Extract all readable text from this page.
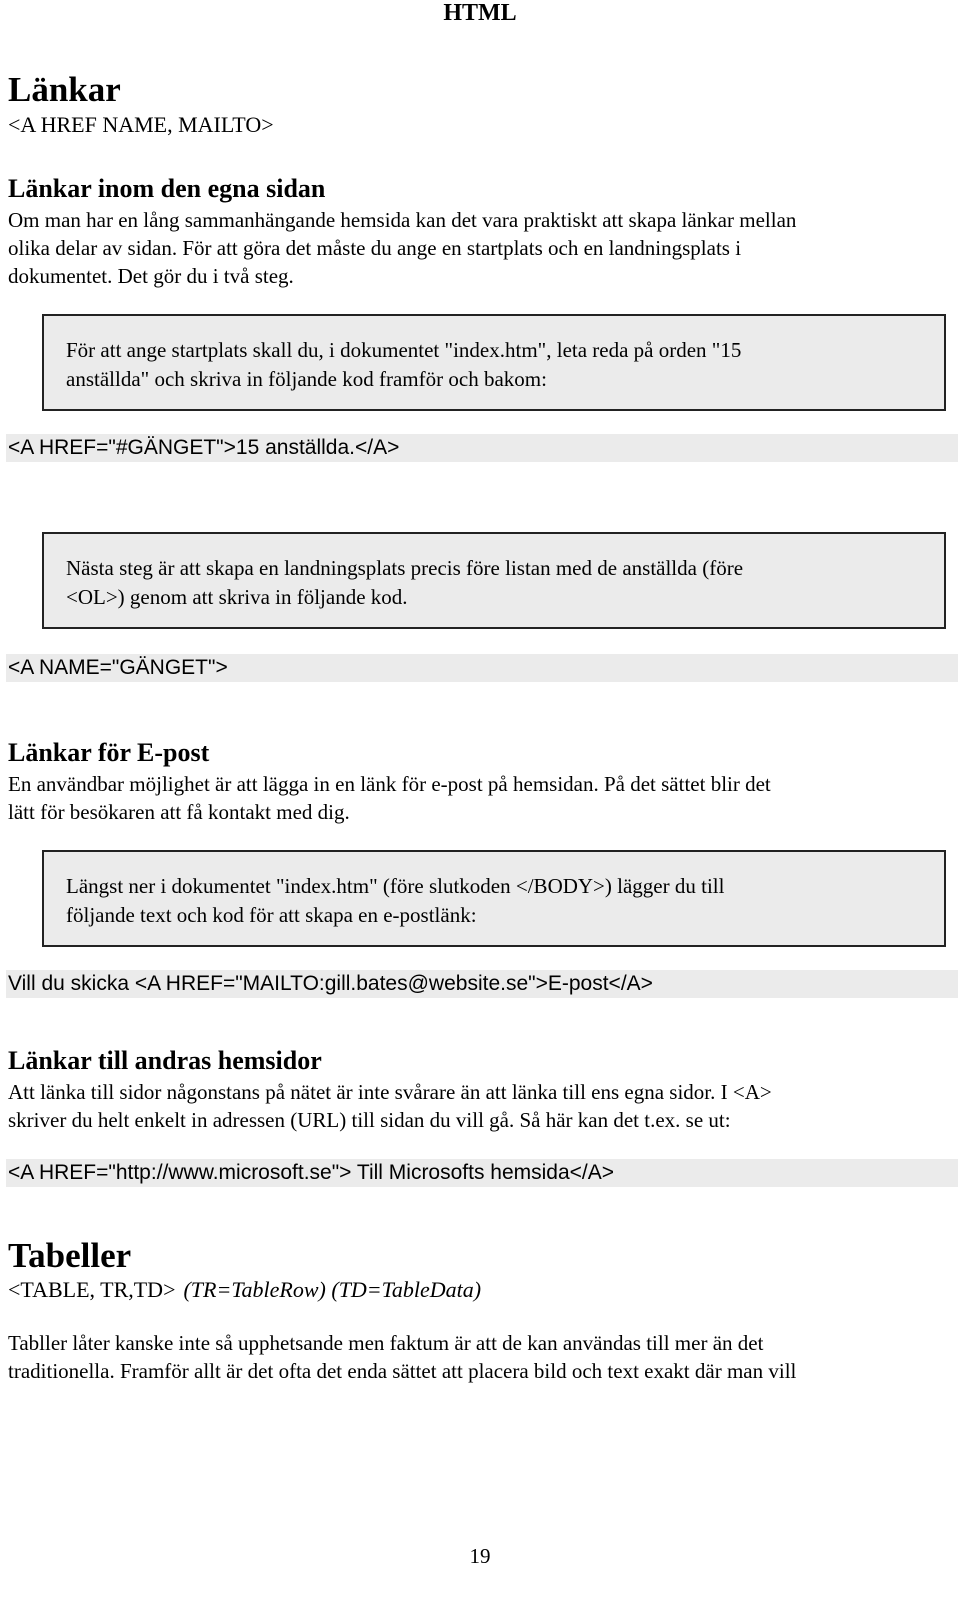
HTML
Länkar
<A HREF NAME, MAILTO>
Länkar inom den egna sidan
Om man har en lång sammanhängande hemsida kan det vara praktiskt att skapa länkar mellan
olika delar av sidan. För att göra det måste du ange en startplats och en landningsplats i
dokumentet. Det gör du i två steg.
För att ange startplats skall du, i dokumentet "index.htm", leta reda på orden "15
anställda" och skriva in följande kod framför och bakom:
<A HREF="#GÄNGET">15 anställda.</A>
Nästa steg är att skapa en landningsplats precis före listan med de anställda (före
<OL>) genom att skriva in följande kod.
<A NAME="GÄNGET">
Länkar för E-post
En användbar möjlighet är att lägga in en länk för e-post på hemsidan. På det sättet blir det
lätt för besökaren att få kontakt med dig.
Längst ner i dokumentet "index.htm" (före slutkoden </BODY>) lägger du till
följande text och kod för att skapa en e-postlänk:
Vill du skicka <A HREF="MAILTO:gill.bates@website.se">E-post</A>
Länkar till andras hemsidor
Att länka till sidor någonstans på nätet är inte svårare än att länka till ens egna sidor. I <A>
skriver du helt enkelt in adressen (URL) till sidan du vill gå. Så här kan det t.ex. se ut:
<A HREF="http://www.microsoft.se"> Till Microsofts hemsida</A>
Tabeller
<TABLE, TR,TD> (TR=TableRow) (TD=TableData)
Tabller låter kanske inte så upphetsande men faktum är att de kan användas till mer än det
traditionella. Framför allt är det ofta det enda sättet att placera bild och text exakt där man vill
19
